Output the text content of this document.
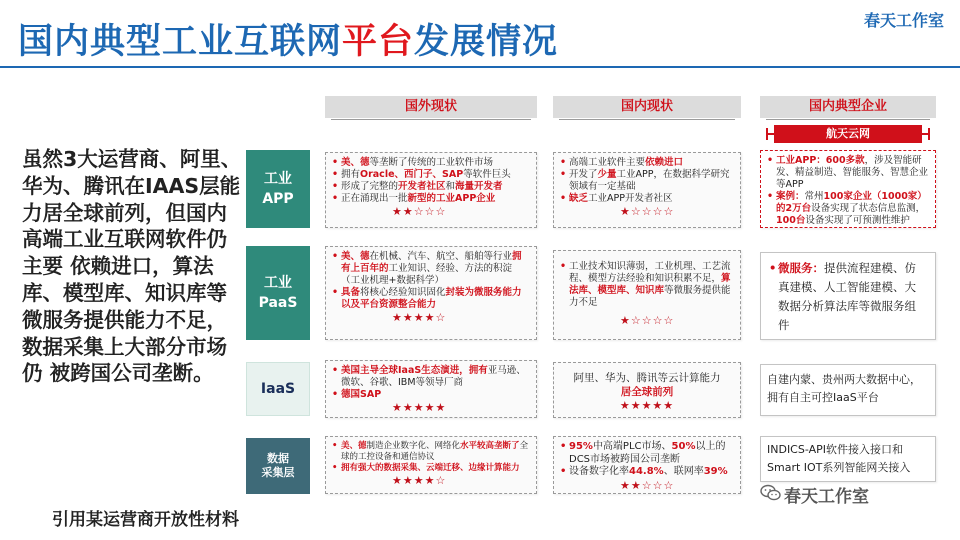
国内典型工业互联网平台发展情况
春天工作室
虽然3大运营商、阿里、华为、腾讯在IAAS层能力居全球前列，但国内高端工业互联网软件仍主要 依赖进口，算法库、模型库、知识库等微服务提供能力不足，数据采集上大部分市场仍 被跨国公司垄断。
引用某运营商开放性材料
国外现状	国内现状	国内典型企业
航天云网
工业
APP
工业
PaaS
IaaS
数据
采集层
• 美、德等垄断了传统的工业软件市场
• 拥有Oracle、西门子、SAP等软件巨头
• 形成了完整的开发者社区和海量开发者
• 正在涌现出一批新型的工业APP企业
★★☆☆☆
• 高端工业软件主要依赖进口
• 开发了少量工业APP，在数据科学研究领域有一定基础
• 缺乏工业APP开发者社区
★☆☆☆☆
• 工业APP：600多款，涉及智能研发、精益制造、智能服务、智慧企业等APP
• 案例：常州100家企业（1000家）的2万台设备实现了状态信息监测，100台设备实现了可预测性维护
• 美、德在机械、汽车、航空、船舶等行业拥有上百年的工业知识、经验、方法的积淀（工业机理+数据科学）
• 具备将核心经验知识固化封装为微服务能力以及平台资源整合能力
★★★★☆
• 工业技术知识薄弱，工业机理、工艺流程、模型方法经验和知识积累不足，算法库、模型库、知识库等微服务提供能力不足
★☆☆☆☆
• 微服务：提供流程建模、仿真建模、人工智能建模、大数据分析算法库等微服务组件
• 美国主导全球IaaS生态演进，拥有亚马逊、微软、谷歌、IBM等领导厂商
• 德国SAP
★★★★★
阿里、华为、腾讯等云计算能力
居全球前列
★★★★★
自建内蒙、贵州两大数据中心，拥有自主可控IaaS平台
• 美、德制造企业数字化、网络化水平较高垄断了全球的工控设备和通信协议
• 拥有强大的数据采集、云端迁移、边缘计算能力
★★★★☆
• 95%中高端PLC市场、50%以上的DCS市场被跨国公司垄断
• 设备数字化率44.8%、联网率39%
★★☆☆☆
INDICS-API软件接入接口和Smart IOT系列智能网关接入
春天工作室
